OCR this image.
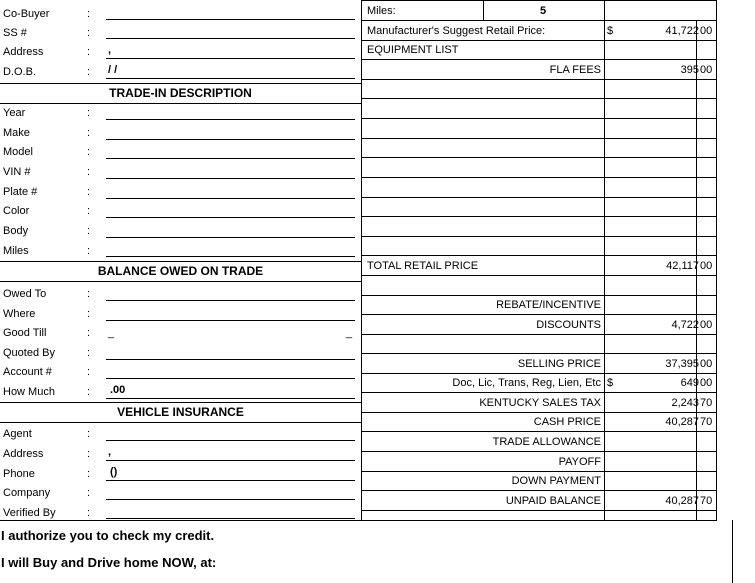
Co-Buyer	:
SS #	:
Address	: ,
D.O.B.	: / /
TRADE-IN DESCRIPTION
Year	:
Make	:
Model	:
VIN #	:
Plate #	:
Color	:
Body	:
Miles	:
BALANCE OWED ON TRADE
Owed To	:
Where	:
Good Till	: _	_
Quoted By	:
Account #	:
How Much	: .00
VEHICLE INSURANCE
Agent	:
Address	: ,
Phone	: ()
Company	:
Verified By	:
Miles:	5
Manufacturer's Suggest Retail Price:	$	41,722 00
EQUIPMENT LIST
FLA FEES	395 00
TOTAL RETAIL PRICE	42,117 00
REBATE/INCENTIVE
DISCOUNTS	4,722 00
SELLING PRICE	37,395 00
Doc, Lic, Trans, Reg, Lien, Etc $	649 00
KENTUCKY SALES TAX	2,243 70
CASH PRICE	40,287 70
TRADE ALLOWANCE
PAYOFF
DOWN PAYMENT
UNPAID BALANCE	40,287 70
I authorize you to check my credit.
I will Buy and Drive home NOW, at:
